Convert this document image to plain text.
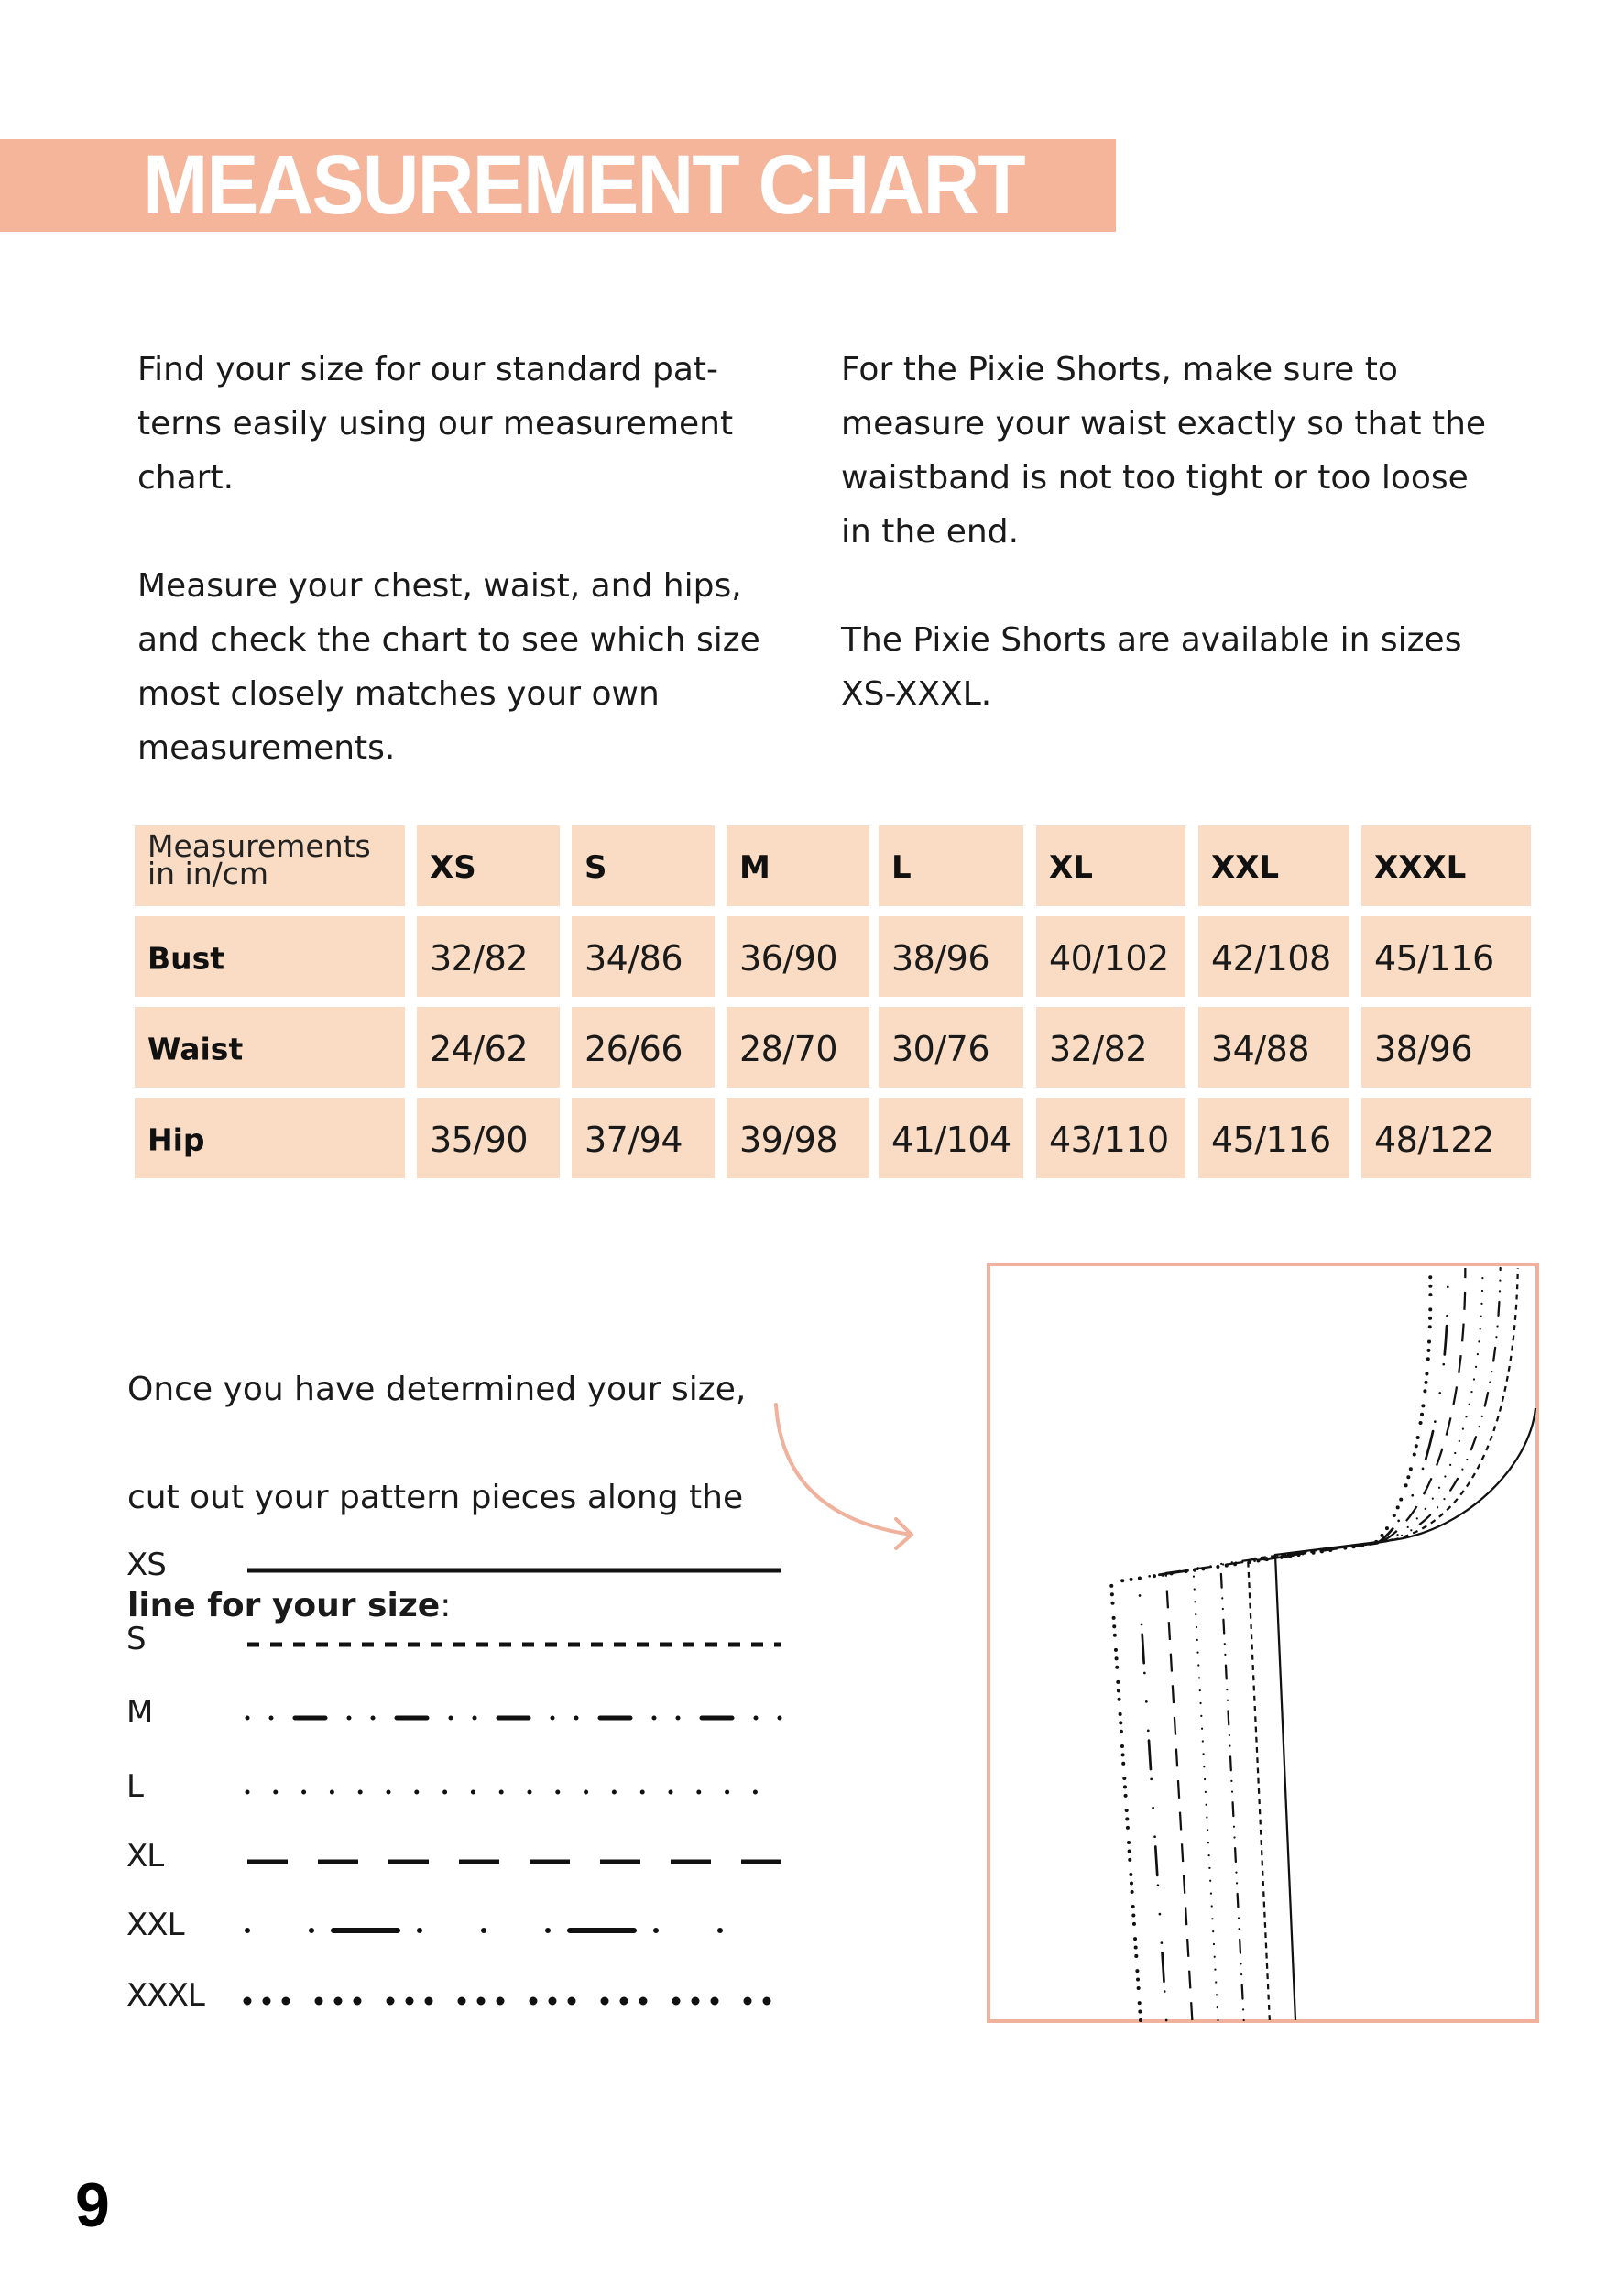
MEASUREMENT CHART
Find your size for our standard pat-
terns easily using our measurement
chart.
Measure your chest, waist, and hips,
and check the chart to see which size
most closely matches your own
measurements.
For the Pixie Shorts, make sure to
measure your waist exactly so that the
waistband is not too tight or too loose
in the end.
The Pixie Shorts are available in sizes
XS-XXXL.
Measurements
in in/cm	XS	S	M	L	XL	XXL	XXXL
Bust	32/82 34/86 36/90 38/96 40/102 42/108 45/116
Waist	24/62 26/66 28/70 30/76 32/82 34/88 38/96
Hip	35/90 37/94 39/98 41/104 43/110 45/116 48/122

Once you have determined your size,

cut out your pattern pieces along the

line for your size:

XS
S
M
L
XL
XXL
XXXL
9
